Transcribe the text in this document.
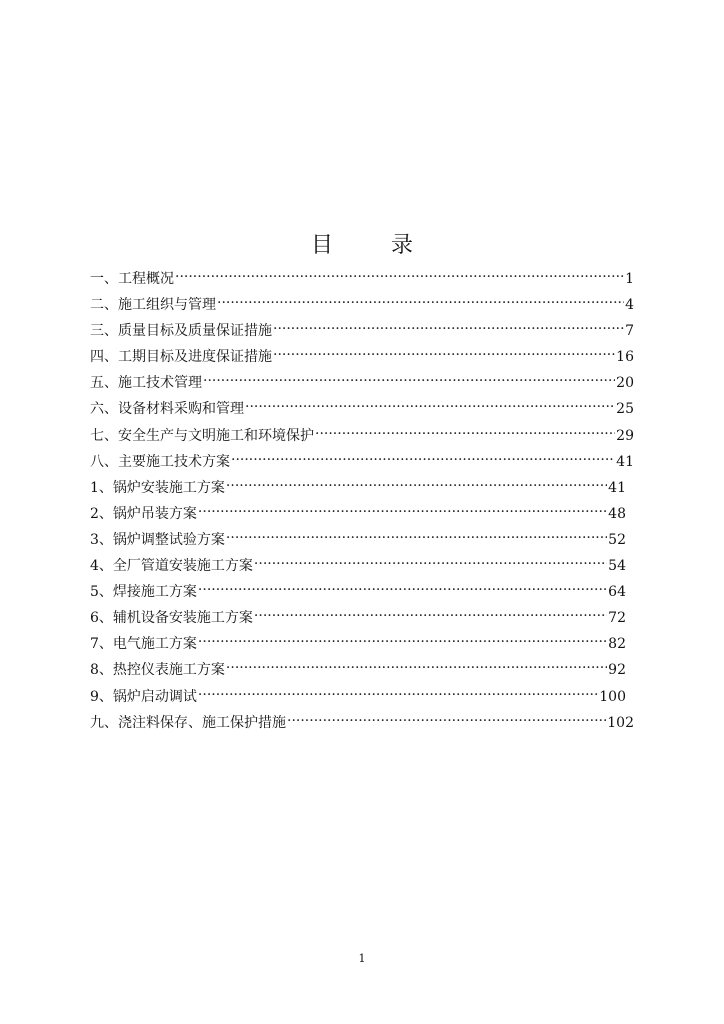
目	录
一、工程概况 ·····	1
二、施工组织与管理 ·····	4
三、质量目标及质量保证措施 ·····	7
四、工期目标及进度保证措施 ·····	16
五、施工技术管理 ·····	20
六、设备材料采购和管理 ·····	25
七、安全生产与文明施工和环境保护 ·····	29
八、主要施工技术方案 ·····	41
1、锅炉安装施工方案 ·····	41
2、锅炉吊装方案 ·····	48
3、锅炉调整试验方案 ·····	52
4、全厂管道安装施工方案 ·····	54
5、焊接施工方案 ·····	64
6、辅机设备安装施工方案 ·····	72
7、电气施工方案 ·····	82
8、热控仪表施工方案 ·····	92
9、锅炉启动调试 ·····	100
九、浇注料保存、施工保护措施 ·····	102
1
